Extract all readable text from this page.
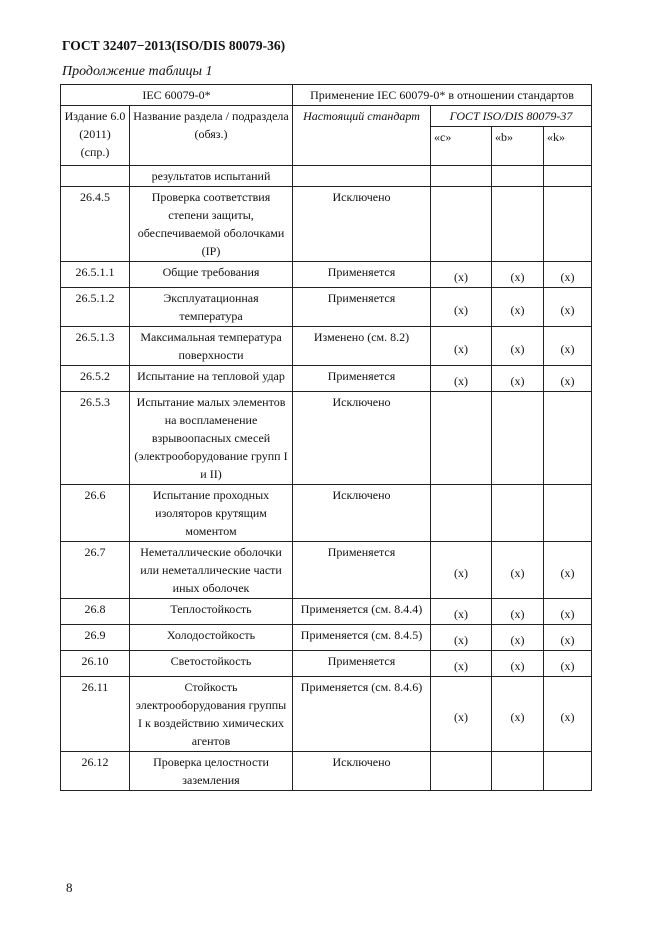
ГОСТ 32407−2013(ISO/DIS 80079-36)
Продолжение таблицы 1
IEC 60079-0*		Применение IEC 60079-0* в отношении стандартов			
Издание 6.0 (2011) (спр.)	Название раздела / подраздела (обяз.)	Настоящий стандарт	ГОСТ ISO/DIS 80079-37		
			«c»	«b»	«k»
	результатов испытаний				
26.4.5	Проверка соответствия степени защиты, обеспечиваемой оболочками (IP)	Исключено			
26.5.1.1	Общие требования	Применяется	(x)	(x)	(x)
26.5.1.2	Эксплуатационная температура	Применяется	(x)	(x)	(x)
26.5.1.3	Максимальная температура поверхности	Изменено (см. 8.2)	(x)	(x)	(x)
26.5.2	Испытание на тепловой удар	Применяется	(x)	(x)	(x)
26.5.3	Испытание малых элементов на воспламенение взрывоопасных смесей (электрооборудование групп I и II)	Исключено			
26.6	Испытание проходных изоляторов крутящим моментом	Исключено			
26.7	Неметаллические оболочки или неметаллические части иных оболочек	Применяется	(x)	(x)	(x)
26.8	Теплостойкость	Применяется (см. 8.4.4)	(x)	(x)	(x)
26.9	Холодостойкость	Применяется (см. 8.4.5)	(x)	(x)	(x)
26.10	Светостойкость	Применяется	(x)	(x)	(x)
26.11	Стойкость электрооборудования группы I к воздействию химических агентов	Применяется (см. 8.4.6)	(x)	(x)	(x)
26.12	Проверка целостности заземления	Исключено			
8
